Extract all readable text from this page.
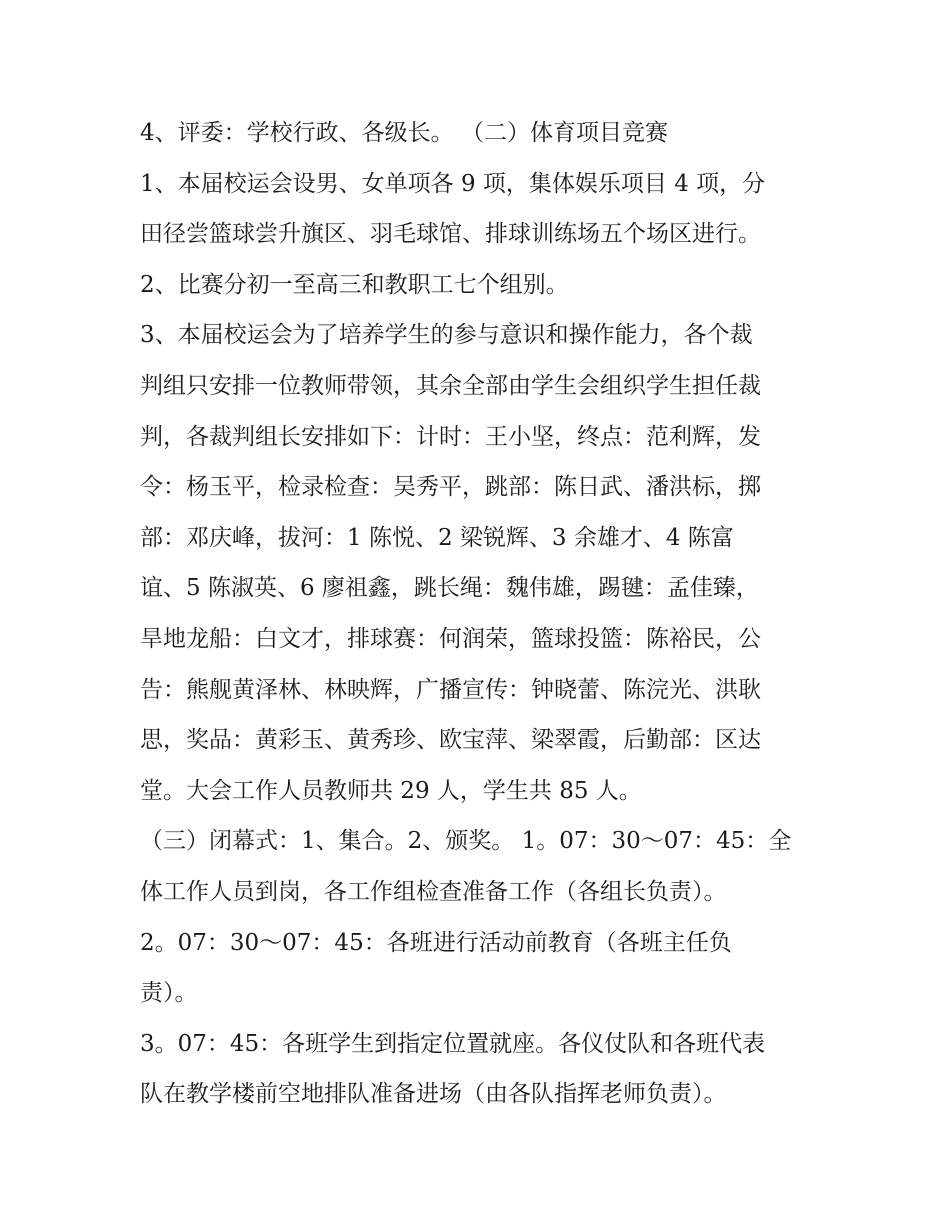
4、评委：学校行政、各级长。 （二）体育项目竞赛
1、本届校运会设男、女单项各 9 项，集体娱乐项目 4 项，分
田径尝篮球尝升旗区、羽毛球馆、排球训练场五个场区进行。
2、比赛分初一至高三和教职工七个组别。
3、本届校运会为了培养学生的参与意识和操作能力，各个裁
判组只安排一位教师带领，其余全部由学生会组织学生担任裁
判，各裁判组长安排如下：计时：王小坚，终点：范利辉，发
令：杨玉平，检录检查：吴秀平，跳部：陈日武、潘洪标，掷
部：邓庆峰，拔河：1 陈悦、2 梁锐辉、3 余雄才、4 陈富
谊、5 陈淑英、6 廖祖鑫，跳长绳：魏伟雄，踢毽：孟佳臻，
旱地龙船：白文才，排球赛：何润荣，篮球投篮：陈裕民，公
告：熊舰黄泽林、林映辉，广播宣传：钟晓蕾、陈浣光、洪耿
思，奖品：黄彩玉、黄秀珍、欧宝萍、梁翠霞，后勤部：区达
堂。大会工作人员教师共 29 人，学生共 85 人。
（三）闭幕式：1、集合。2、颁奖。 1。07：30～07：45：全
体工作人员到岗，各工作组检查准备工作（各组长负责）。
2。07：30～07：45：各班进行活动前教育（各班主任负
责）。
3。07：45：各班学生到指定位置就座。各仪仗队和各班代表
队在教学楼前空地排队准备进场（由各队指挥老师负责）。
